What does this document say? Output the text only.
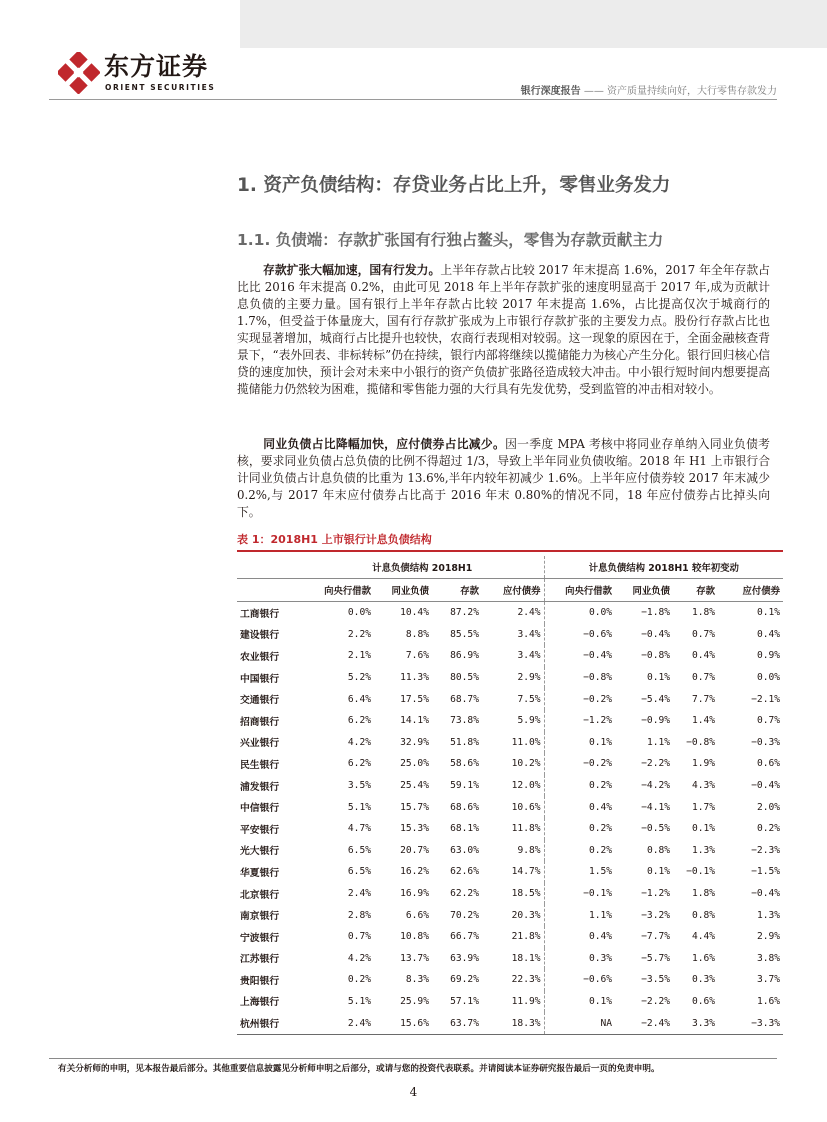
东方证券
ORIENT SECURITIES	银行深度报告 —— 资产质量持续向好，大行零售存款发力
1. 资产负债结构：存贷业务占比上升，零售业务发力
1.1. 负债端：存款扩张国有行独占鳌头，零售为存款贡献主力
存款扩张大幅加速，国有行发力。上半年存款占比较 2017 年末提高 1.6%，2017 年全年存款占比比 2016 年末提高 0.2%，由此可见 2018 年上半年存款扩张的速度明显高于 2017 年,成为贡献计息负债的主要力量。国有银行上半年存款占比较 2017 年末提高 1.6%，占比提高仅次于城商行的 1.7%，但受益于体量庞大，国有行存款扩张成为上市银行存款扩张的主要发力点。股份行存款占比也实现显著增加，城商行占比提升也较快，农商行表现相对较弱。这一现象的原因在于，全面金融核查背景下，“表外回表、非标转标”仍在持续，银行内部将继续以揽储能力为核心产生分化。银行回归核心信贷的速度加快，预计会对未来中小银行的资产负债扩张路径造成较大冲击。中小银行短时间内想要提高揽储能力仍然较为困难，揽储和零售能力强的大行具有先发优势，受到监管的冲击相对较小。
同业负债占比降幅加快，应付债券占比减少。因一季度 MPA 考核中将同业存单纳入同业负债考核，要求同业负债占总负债的比例不得超过 1/3，导致上半年同业负债收缩。2018 年 H1 上市银行合计同业负债占计息负债的比重为 13.6%,半年内较年初减少 1.6%。上半年应付债券较 2017 年末减少 0.2%,与 2017 年末应付债券占比高于 2016 年末 0.80%的情况不同，18 年应付债券占比掉头向下。
表 1：2018H1 上市银行计息负债结构
	计息负债结构 2018H1				计息负债结构 2018H1 较年初变动			
	向央行借款	同业负债	存款	应付债券	向央行借款	同业负债	存款	应付债券
工商银行	0.0%	10.4%	87.2%	2.4%	0.0%	−1.8%	1.8%	0.1%
建设银行	2.2%	8.8%	85.5%	3.4%	−0.6%	−0.4%	0.7%	0.4%
农业银行	2.1%	7.6%	86.9%	3.4%	−0.4%	−0.8%	0.4%	0.9%
中国银行	5.2%	11.3%	80.5%	2.9%	−0.8%	0.1%	0.7%	0.0%
交通银行	6.4%	17.5%	68.7%	7.5%	−0.2%	−5.4%	7.7%	−2.1%
招商银行	6.2%	14.1%	73.8%	5.9%	−1.2%	−0.9%	1.4%	0.7%
兴业银行	4.2%	32.9%	51.8%	11.0%	0.1%	1.1%	−0.8%	−0.3%
民生银行	6.2%	25.0%	58.6%	10.2%	−0.2%	−2.2%	1.9%	0.6%
浦发银行	3.5%	25.4%	59.1%	12.0%	0.2%	−4.2%	4.3%	−0.4%
中信银行	5.1%	15.7%	68.6%	10.6%	0.4%	−4.1%	1.7%	2.0%
平安银行	4.7%	15.3%	68.1%	11.8%	0.2%	−0.5%	0.1%	0.2%
光大银行	6.5%	20.7%	63.0%	9.8%	0.2%	0.8%	1.3%	−2.3%
华夏银行	6.5%	16.2%	62.6%	14.7%	1.5%	0.1%	−0.1%	−1.5%
北京银行	2.4%	16.9%	62.2%	18.5%	−0.1%	−1.2%	1.8%	−0.4%
南京银行	2.8%	6.6%	70.2%	20.3%	1.1%	−3.2%	0.8%	1.3%
宁波银行	0.7%	10.8%	66.7%	21.8%	0.4%	−7.7%	4.4%	2.9%
江苏银行	4.2%	13.7%	63.9%	18.1%	0.3%	−5.7%	1.6%	3.8%
贵阳银行	0.2%	8.3%	69.2%	22.3%	−0.6%	−3.5%	0.3%	3.7%
上海银行	5.1%	25.9%	57.1%	11.9%	0.1%	−2.2%	0.6%	1.6%
杭州银行	2.4%	15.6%	63.7%	18.3%	NA	−2.4%	3.3%	−3.3%
有关分析师的申明，见本报告最后部分。其他重要信息披露见分析师申明之后部分，或请与您的投资代表联系。并请阅读本证券研究报告最后一页的免责申明。
4
